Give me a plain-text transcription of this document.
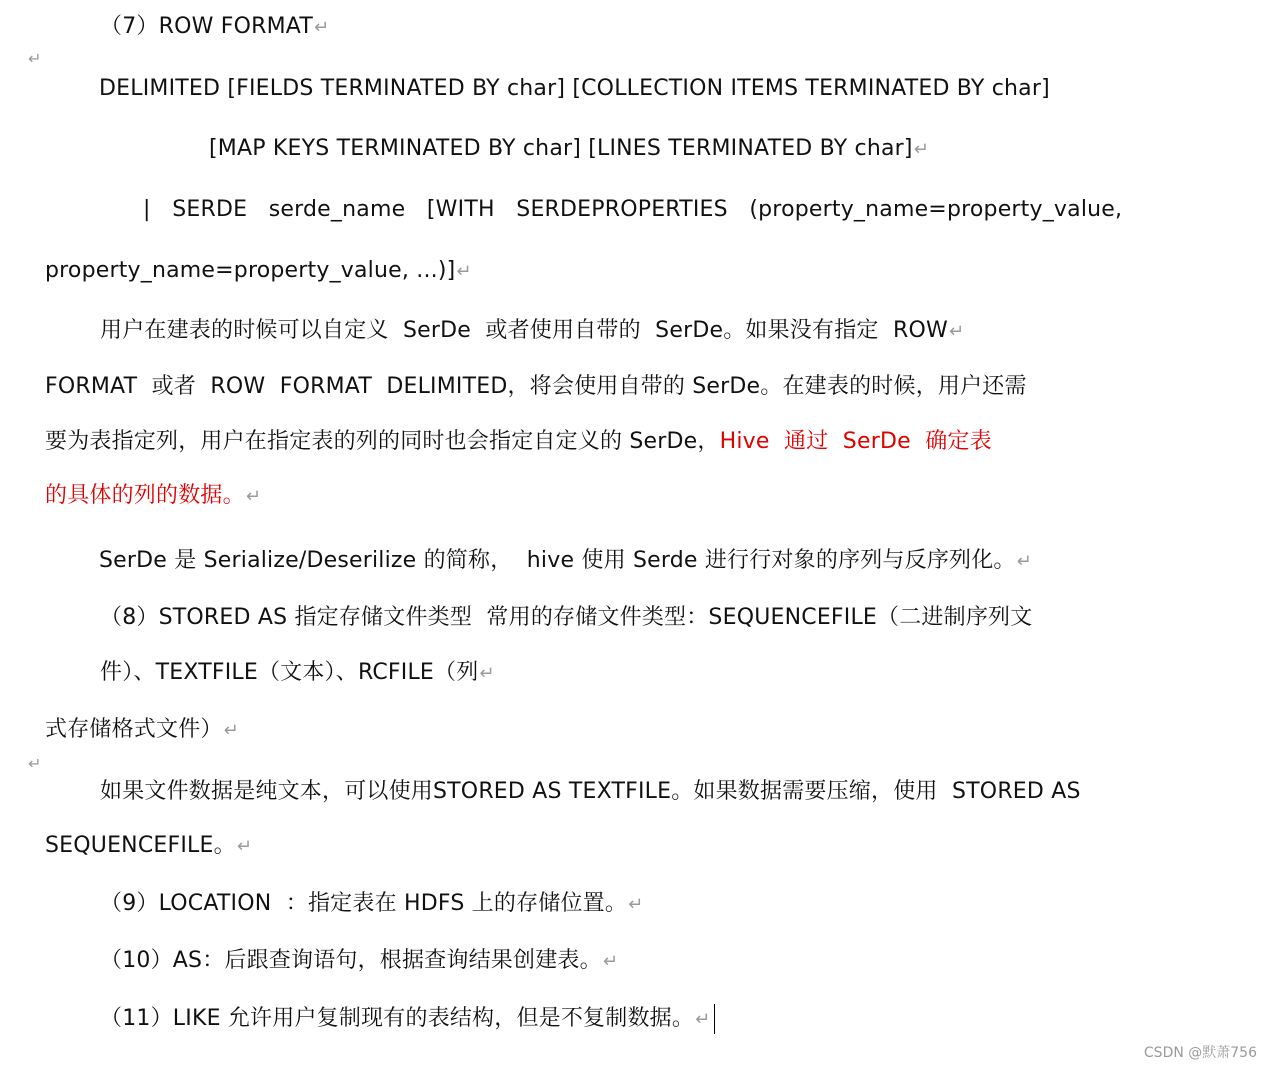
（7）ROW FORMAT↵
↵
DELIMITED [FIELDS TERMINATED BY char] [COLLECTION ITEMS TERMINATED BY char]
[MAP KEYS TERMINATED BY char] [LINES TERMINATED BY char]↵
|   SERDE   serde_name   [WITH   SERDEPROPERTIES   (property_name=property_value,
property_name=property_value, ...)]↵
用户在建表的时候可以自定义  SerDe  或者使用自带的  SerDe。如果没有指定  ROW↵
FORMAT  或者  ROW  FORMAT  DELIMITED，将会使用自带的 SerDe。在建表的时候，用户还需
要为表指定列，用户在指定表的列的同时也会指定自定义的 SerDe，Hive  通过  SerDe  确定表
的具体的列的数据。↵
SerDe 是 Serialize/Deserilize 的简称，  hive 使用 Serde 进行行对象的序列与反序列化。↵
（8）STORED AS 指定存储文件类型  常用的存储文件类型：SEQUENCEFILE（二进制序列文
件）、TEXTFILE（文本）、RCFILE（列↵
式存储格式文件）↵
↵
如果文件数据是纯文本，可以使用STORED AS TEXTFILE。如果数据需要压缩，使用  STORED AS
SEQUENCEFILE。↵
（9）LOCATION  ：指定表在 HDFS 上的存储位置。↵
（10）AS：后跟查询语句，根据查询结果创建表。↵
（11）LIKE 允许用户复制现有的表结构，但是不复制数据。↵
CSDN @默萧756
